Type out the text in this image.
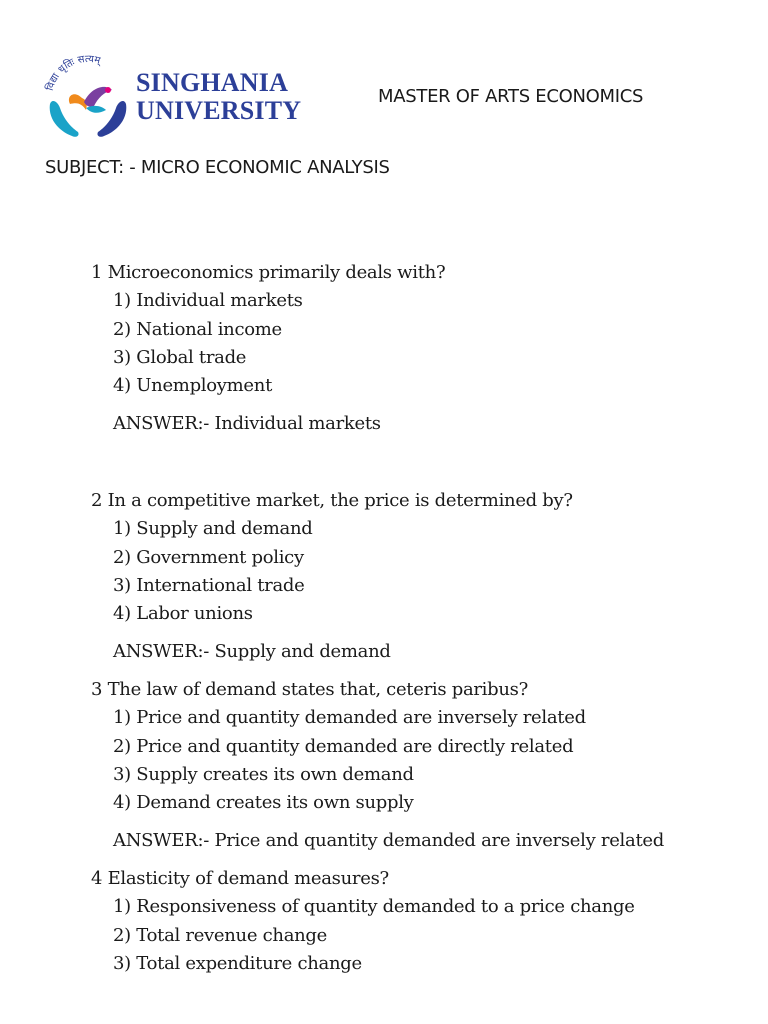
विद्या धृतिः सत्यम्
SINGHANIA
UNIVERSITY	MASTER OF ARTS ECONOMICS
SUBJECT: - MICRO ECONOMIC ANALYSIS

1 Microeconomics primarily deals with?

1) Individual markets

2) National income

3) Global trade

4) Unemployment

ANSWER:- Individual markets

2 In a competitive market, the price is determined by?

1) Supply and demand

2) Government policy

3) International trade

4) Labor unions

ANSWER:- Supply and demand

3 The law of demand states that, ceteris paribus?

1) Price and quantity demanded are inversely related

2) Price and quantity demanded are directly related

3) Supply creates its own demand

4) Demand creates its own supply

ANSWER:- Price and quantity demanded are inversely related

4 Elasticity of demand measures?

1) Responsiveness of quantity demanded to a price change

2) Total revenue change

3) Total expenditure change
